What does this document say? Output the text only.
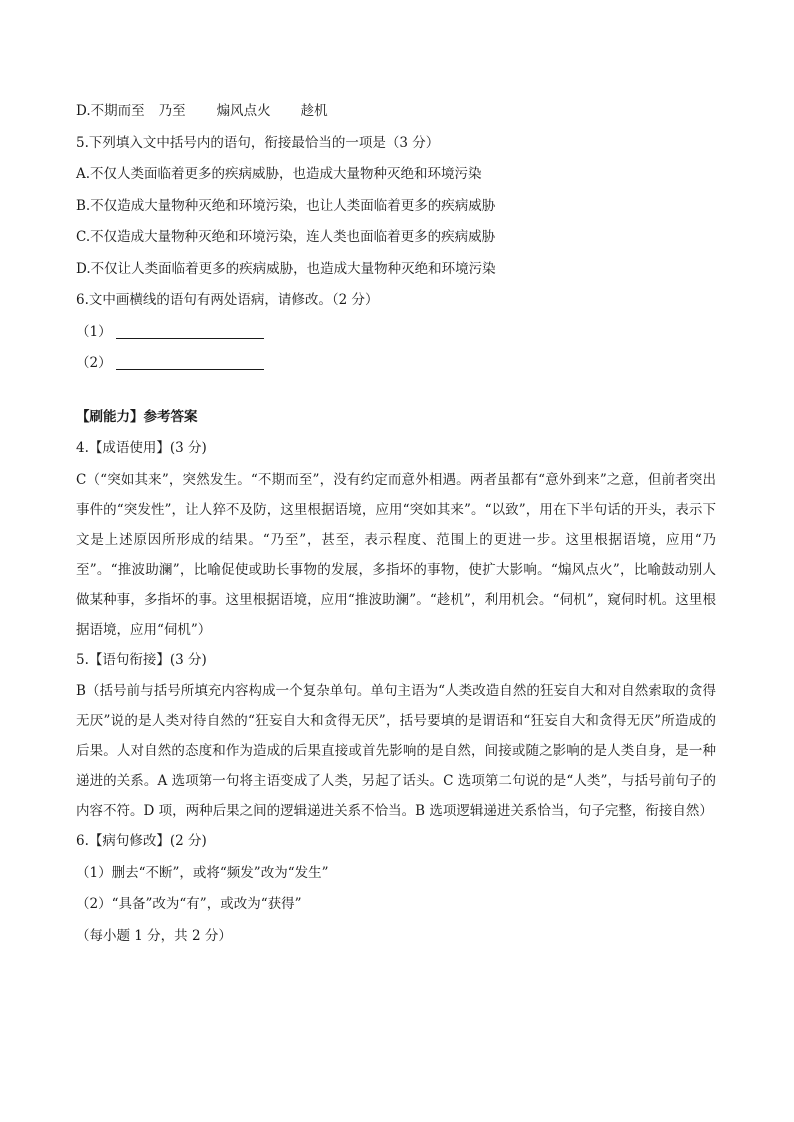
D.不期而至 乃至 煽风点火 趁机
5.下列填入文中括号内的语句，衔接最恰当的一项是（3 分）
A.不仅人类面临着更多的疾病威胁，也造成大量物种灭绝和环境污染
B.不仅造成大量物种灭绝和环境污染，也让人类面临着更多的疾病威胁
C.不仅造成大量物种灭绝和环境污染，连人类也面临着更多的疾病威胁
D.不仅让人类面临着更多的疾病威胁，也造成大量物种灭绝和环境污染
6.文中画横线的语句有两处语病，请修改。（2 分）
（1）
（2）
【刷能力】参考答案
4.【成语使用】(3 分)
C（“突如其来”，突然发生。“不期而至”，没有约定而意外相遇。两者虽都有“意外到来”之意，但前者突出事件的“突发性”，让人猝不及防，这里根据语境，应用“突如其来”。“以致”，用在下半句话的开头，表示下文是上述原因所形成的结果。“乃至”，甚至，表示程度、范围上的更进一步。这里根据语境，应用“乃至”。“推波助澜”，比喻促使或助长事物的发展，多指坏的事物，使扩大影响。“煽风点火”，比喻鼓动别人做某种事，多指坏的事。这里根据语境，应用“推波助澜”。“趁机”，利用机会。“伺机”，窥伺时机。这里根据语境，应用“伺机”）
5.【语句衔接】(3 分)
B（括号前与括号所填充内容构成一个复杂单句。单句主语为“人类改造自然的狂妄自大和对自然索取的贪得无厌”说的是人类对待自然的“狂妄自大和贪得无厌”，括号要填的是谓语和“狂妄自大和贪得无厌”所造成的后果。人对自然的态度和作为造成的后果直接或首先影响的是自然，间接或随之影响的是人类自身，是一种递进的关系。A 选项第一句将主语变成了人类，另起了话头。C 选项第二句说的是“人类”，与括号前句子的内容不符。D 项，两种后果之间的逻辑递进关系不恰当。B 选项逻辑递进关系恰当，句子完整，衔接自然）
6.【病句修改】(2 分)
（1）删去“不断”，或将“频发”改为“发生”
（2）“具备”改为“有”，或改为“获得”
（每小题 1 分，共 2 分）
